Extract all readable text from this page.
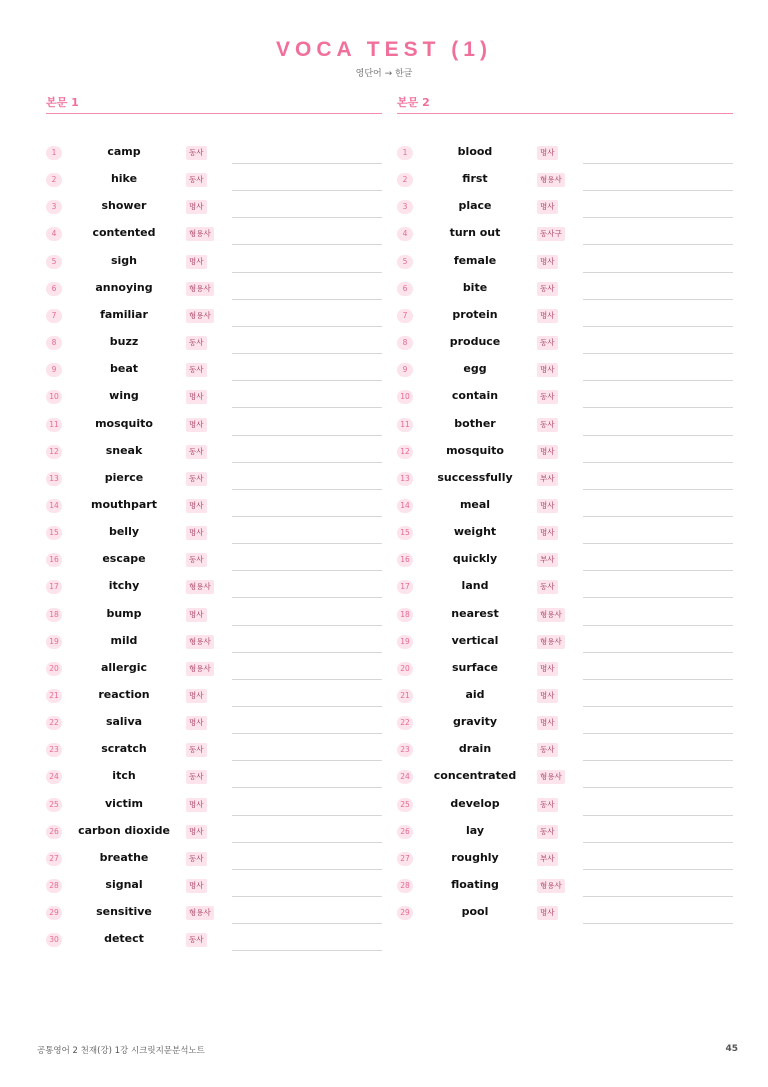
VOCA TEST (1)
영단어 → 한글
본문 1
1	camp	동사
2	hike	동사
3	shower	명사
4	contented	형용사
5	sigh	명사
6	annoying	형용사
7	familiar	형용사
8	buzz	동사
9	beat	동사
10	wing	명사
11	mosquito	명사
12	sneak	동사
13	pierce	동사
14	mouthpart	명사
15	belly	명사
16	escape	동사
17	itchy	형용사
18	bump	명사
19	mild	형용사
20	allergic	형용사
21	reaction	명사
22	saliva	명사
23	scratch	동사
24	itch	동사
25	victim	명사
26	carbon dioxide	명사
27	breathe	동사
28	signal	명사
29	sensitive	형용사
30	detect	동사
본문 2
1	blood	명사
2	first	형용사
3	place	명사
4	turn out	동사구
5	female	명사
6	bite	동사
7	protein	명사
8	produce	동사
9	egg	명사
10	contain	동사
11	bother	동사
12	mosquito	명사
13	successfully	부사
14	meal	명사
15	weight	명사
16	quickly	부사
17	land	동사
18	nearest	형용사
19	vertical	형용사
20	surface	명사
21	aid	명사
22	gravity	명사
23	drain	동사
24	concentrated	형용사
25	develop	동사
26	lay	동사
27	roughly	부사
28	floating	형용사
29	pool	명사
공통영어 2 천재(강) 1강 시크릿지문분석노트	45
